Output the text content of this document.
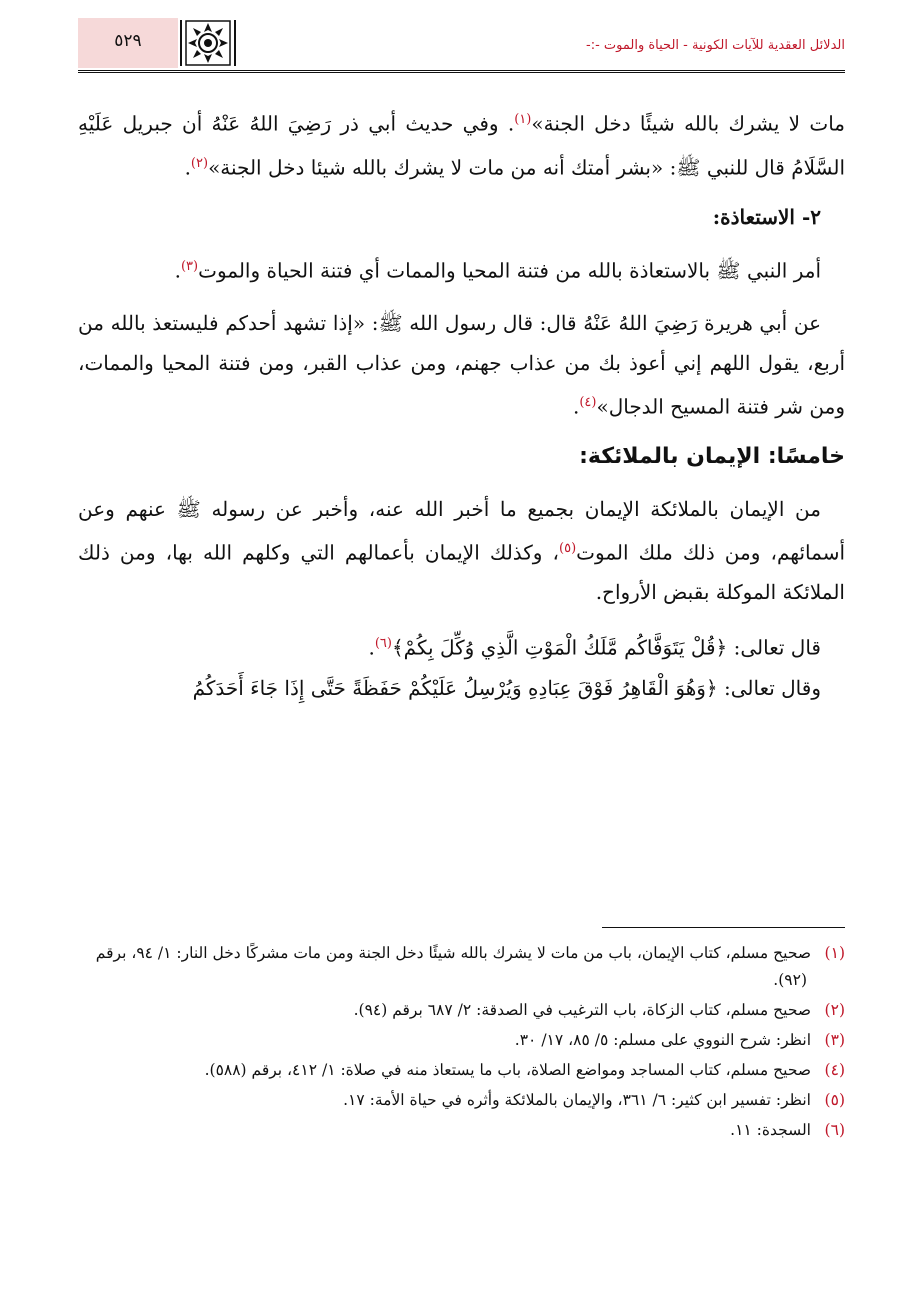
٥٢٩	الدلائل العقدية للآيات الكونية - الحياة والموت -:-

مات لا يشرك بالله شيئًا دخل الجنة»$^{(١)}$. وفي حديث أبي ذر رَضِيَ اللهُ عَنْهُ أن جبريل عَلَيْهِ السَّلَامُ قال للنبي ﷺ: «بشر أمتك أنه من مات لا يشرك بالله شيئا دخل الجنة»$^{(٢)}$.

٢- الاستعاذة:

أمر النبي ﷺ بالاستعاذة بالله من فتنة المحيا والممات أي فتنة الحياة والموت$^{(٣)}$.

عن أبي هريرة رَضِيَ اللهُ عَنْهُ قال: قال رسول الله ﷺ: «إذا تشهد أحدكم فليستعذ بالله من أربع، يقول اللهم إني أعوذ بك من عذاب جهنم، ومن عذاب القبر، ومن فتنة المحيا والممات، ومن شر فتنة المسيح الدجال»$^{(٤)}$.

خامسًا: الإيمان بالملائكة:

من الإيمان بالملائكة الإيمان بجميع ما أخبر الله عنه، وأخبر عن رسوله ﷺ عنهم وعن أسمائهم، ومن ذلك ملك الموت$^{(٥)}$، وكذلك الإيمان بأعمالهم التي وكلهم الله بها، ومن ذلك الملائكة الموكلة بقبض الأرواح.

قال تعالى: ﴿قُلْ يَتَوَفَّاكُم مَّلَكُ الْمَوْتِ الَّذِي وُكِّلَ بِكُمْ﴾$^{(٦)}$.

وقال تعالى: ﴿وَهُوَ الْقَاهِرُ فَوْقَ عِبَادِهِ وَيُرْسِلُ عَلَيْكُمْ حَفَظَةً حَتَّى إِذَا جَاءَ أَحَدَكُمُ

(١)صحيح مسلم، كتاب الإيمان، باب من مات لا يشرك بالله شيئًا دخل الجنة ومن مات مشركًا دخل النار: ١/ ٩٤، برقم (٩٢).

(٢)صحيح مسلم، كتاب الزكاة، باب الترغيب في الصدقة: ٢/ ٦٨٧ برقم (٩٤).

(٣)انظر: شرح النووي على مسلم: ٥/ ٨٥، ١٧/ ٣٠.

(٤)صحيح مسلم، كتاب المساجد ومواضع الصلاة، باب ما يستعاذ منه في صلاة: ١/ ٤١٢، برقم (٥٨٨).

(٥)انظر: تفسير ابن كثير: ٦/ ٣٦١، والإيمان بالملائكة وأثره في حياة الأمة: ١٧.

(٦)السجدة: ١١.
